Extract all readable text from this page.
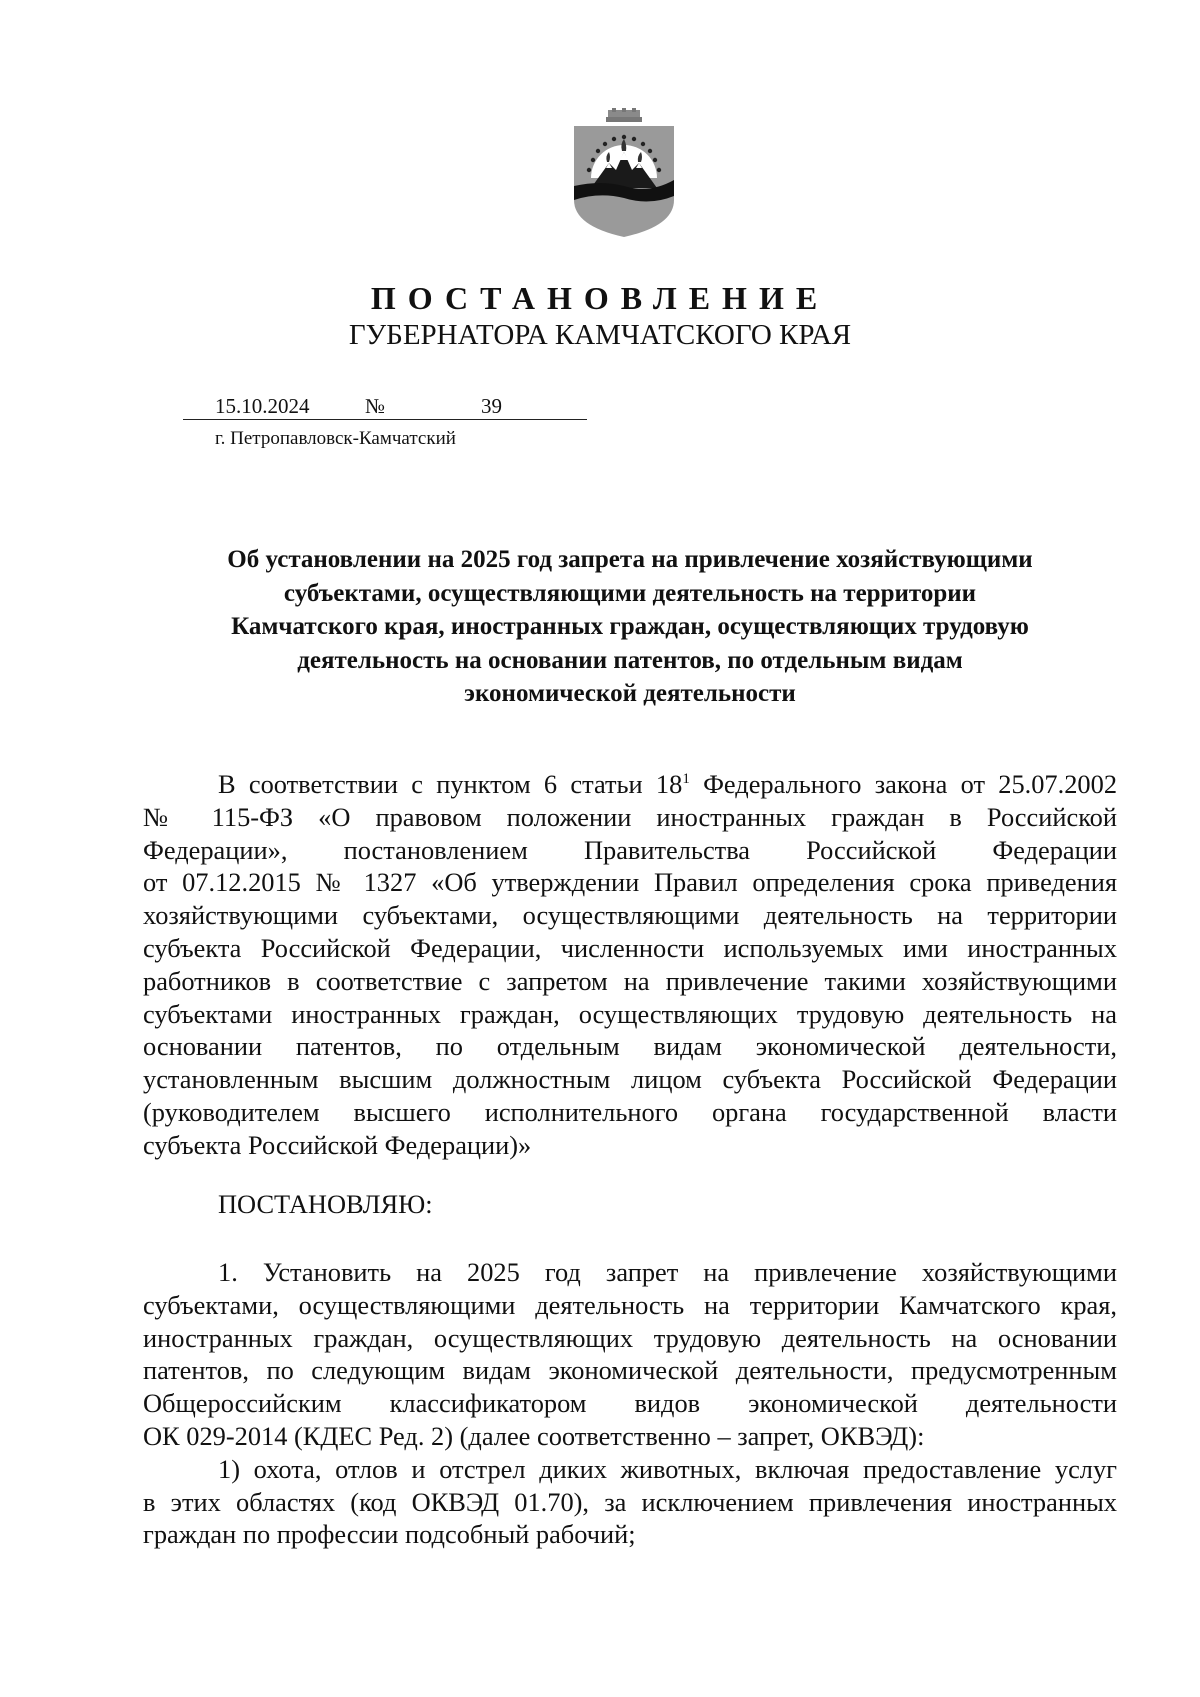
ПОСТАНОВЛЕНИЕ
ГУБЕРНАТОРА КАМЧАТСКОГО КРАЯ
15.10.2024	№	39
г. Петропавловск-Камчатский
Об установлении на 2025 год запрета на привлечение хозяйствующими
субъектами, осуществляющими деятельность на территории
Камчатского края, иностранных граждан, осуществляющих трудовую
деятельность на основании патентов, по отдельным видам
экономической деятельности
В соответствии с пунктом 6 статьи $18^1$ Федерального закона от 25.07.2002
№ 115-ФЗ «О правовом положении иностранных граждан в Российской
Федерации», постановлением Правительства Российской Федерации
от 07.12.2015 № 1327 «Об утверждении Правил определения срока приведения
хозяйствующими субъектами, осуществляющими деятельность на территории
субъекта Российской Федерации, численности используемых ими иностранных
работников в соответствие с запретом на привлечение такими хозяйствующими
субъектами иностранных граждан, осуществляющих трудовую деятельность на
основании патентов, по отдельным видам экономической деятельности,
установленным высшим должностным лицом субъекта Российской Федерации
(руководителем высшего исполнительного органа государственной власти
субъекта Российской Федерации)»
ПОСТАНОВЛЯЮ:
1. Установить на 2025 год запрет на привлечение хозяйствующими
субъектами, осуществляющими деятельность на территории Камчатского края,
иностранных граждан, осуществляющих трудовую деятельность на основании
патентов, по следующим видам экономической деятельности, предусмотренным
Общероссийским классификатором видов экономической деятельности
ОК 029-2014 (КДЕС Ред. 2) (далее соответственно – запрет, ОКВЭД):
1) охота, отлов и отстрел диких животных, включая предоставление услуг
в этих областях (код ОКВЭД 01.70), за исключением привлечения иностранных
граждан по профессии подсобный рабочий;
